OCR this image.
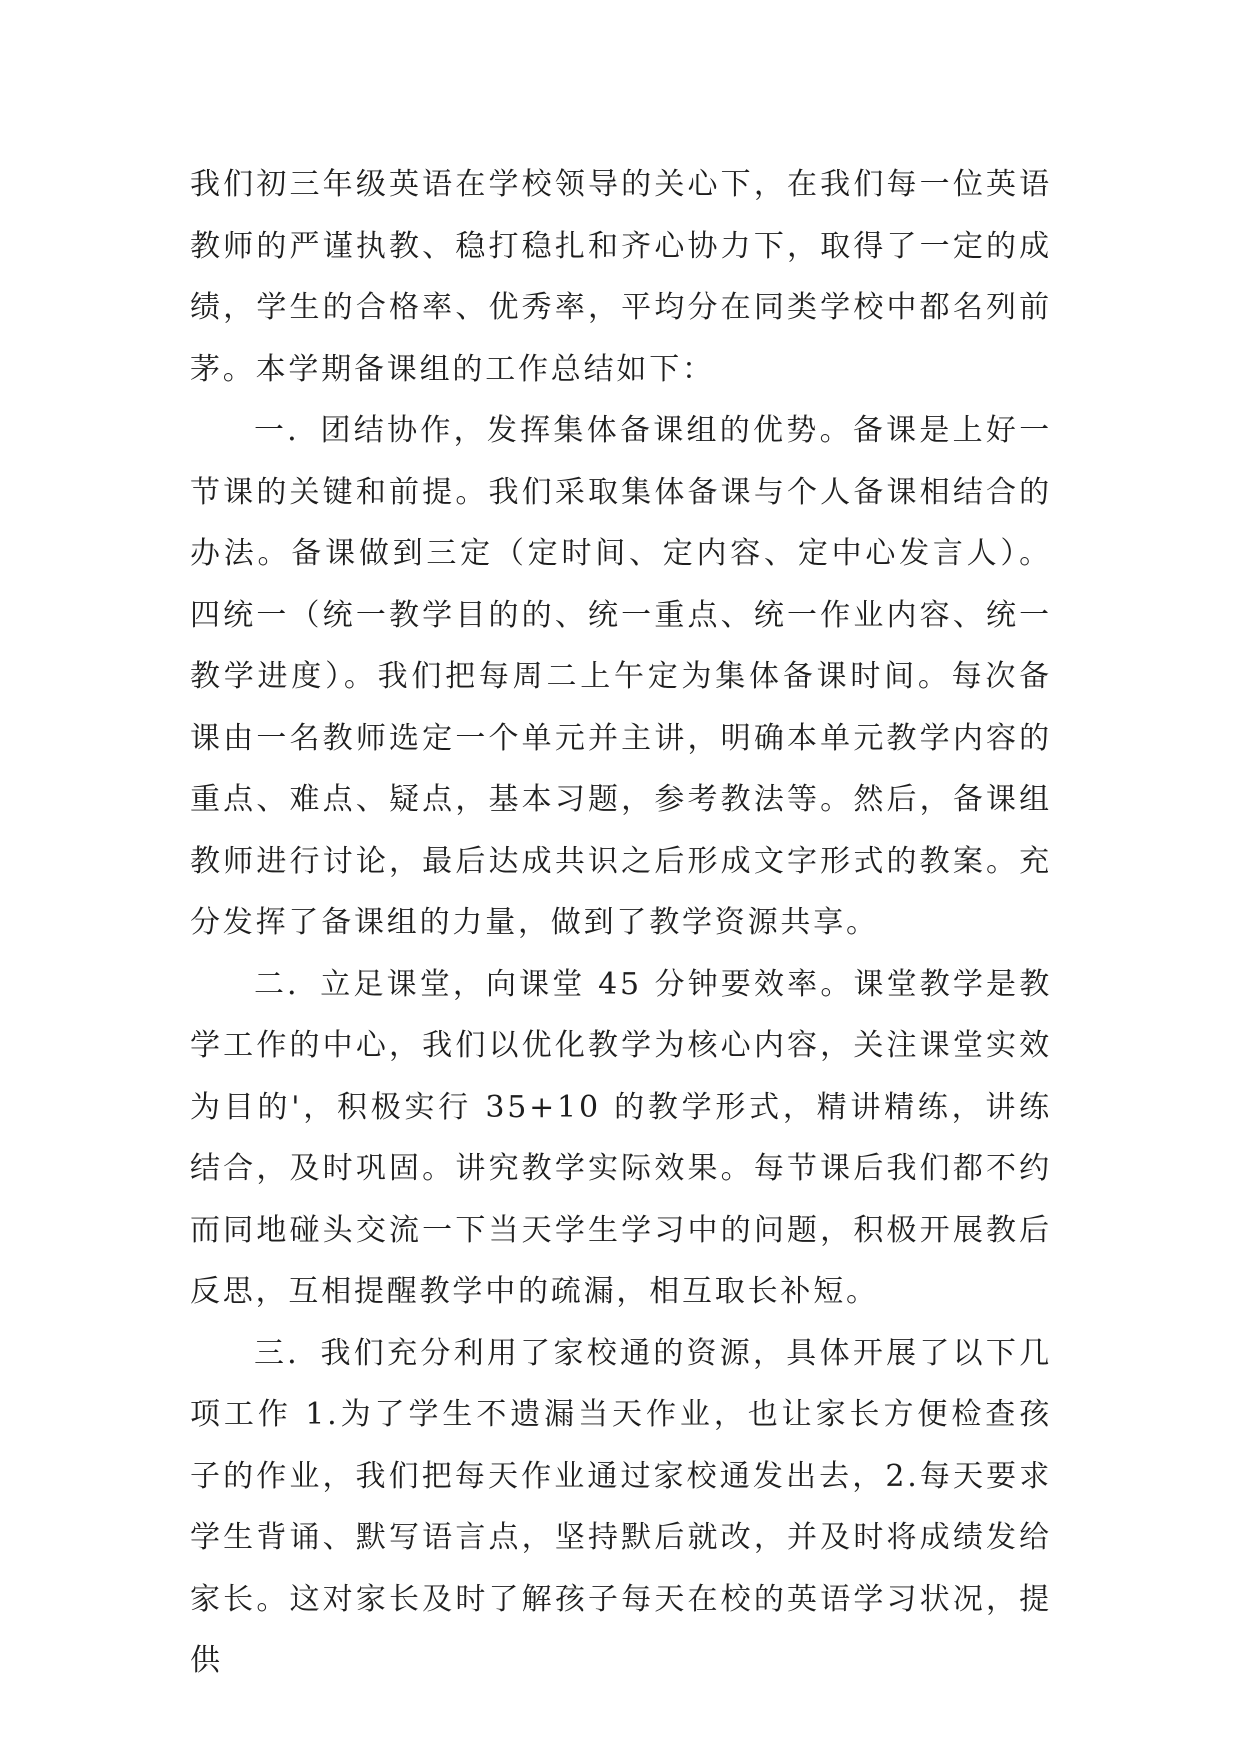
我们初三年级英语在学校领导的关心下，在我们每一位英语教师的严谨执教、稳打稳扎和齐心协力下，取得了一定的成绩，学生的合格率、优秀率，平均分在同类学校中都名列前茅。本学期备课组的工作总结如下：

一．团结协作，发挥集体备课组的优势。备课是上好一节课的关键和前提。我们采取集体备课与个人备课相结合的办法。备课做到三定（定时间、定内容、定中心发言人）。四统一（统一教学目的的、统一重点、统一作业内容、统一教学进度）。我们把每周二上午定为集体备课时间。每次备课由一名教师选定一个单元并主讲，明确本单元教学内容的重点、难点、疑点，基本习题，参考教法等。然后，备课组教师进行讨论，最后达成共识之后形成文字形式的教案。充分发挥了备课组的力量，做到了教学资源共享。

二．立足课堂，向课堂 45 分钟要效率。课堂教学是教学工作的中心，我们以优化教学为核心内容，关注课堂实效为目的'，积极实行 35+10 的教学形式，精讲精练，讲练结合，及时巩固。讲究教学实际效果。每节课后我们都不约而同地碰头交流一下当天学生学习中的问题，积极开展教后反思，互相提醒教学中的疏漏，相互取长补短。

三．我们充分利用了家校通的资源，具体开展了以下几项工作 1.为了学生不遗漏当天作业，也让家长方便检查孩子的作业，我们把每天作业通过家校通发出去，2.每天要求学生背诵、默写语言点，坚持默后就改，并及时将成绩发给家长。这对家长及时了解孩子每天在校的英语学习状况，提供
